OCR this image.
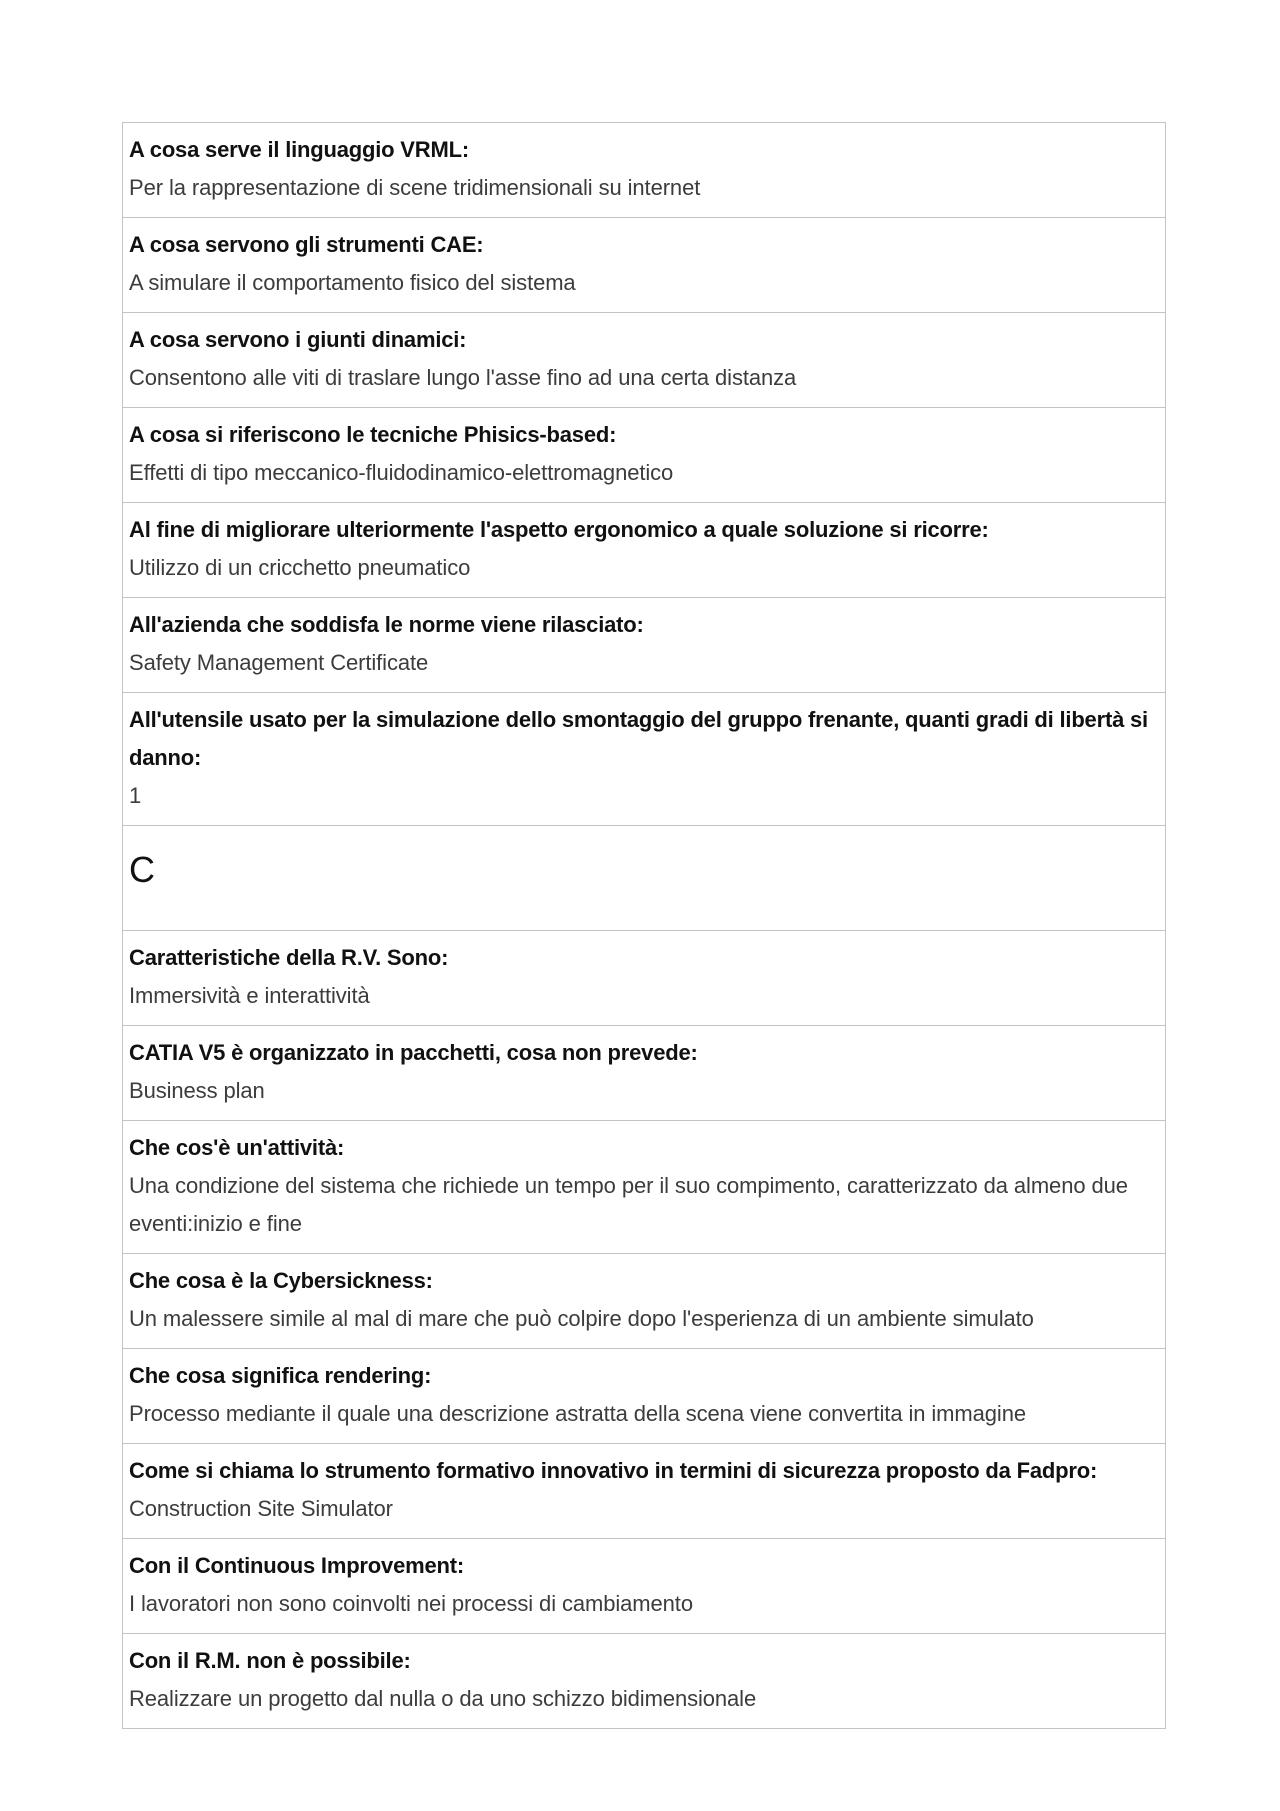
A cosa serve il linguaggio VRML:
Per la rappresentazione di scene tridimensionali su internet

A cosa servono gli strumenti CAE:
A simulare il comportamento fisico del sistema

A cosa servono i giunti dinamici:
Consentono alle viti di traslare lungo l'asse fino ad una certa distanza

A cosa si riferiscono le tecniche Phisics-based:
Effetti di tipo meccanico-fluidodinamico-elettromagnetico

Al fine di migliorare ulteriormente l'aspetto ergonomico a quale soluzione si ricorre:
Utilizzo di un cricchetto pneumatico

All'azienda che soddisfa le norme viene rilasciato:
Safety Management Certificate

All'utensile usato per la simulazione dello smontaggio del gruppo frenante, quanti gradi di libertà si danno:
1

C

Caratteristiche della R.V. Sono:
Immersività e interattività

CATIA V5 è organizzato in pacchetti, cosa non prevede:
Business plan

Che cos'è un'attività:
Una condizione del sistema che richiede un tempo per il suo compimento, caratterizzato da almeno due eventi:inizio e fine

Che cosa è la Cybersickness:
Un malessere simile al mal di mare che può colpire dopo l'esperienza di un ambiente simulato

Che cosa significa rendering:
Processo mediante il quale una descrizione astratta della scena viene convertita in immagine

Come si chiama lo strumento formativo innovativo in termini di sicurezza proposto da Fadpro:
Construction Site Simulator

Con il Continuous Improvement:
I lavoratori non sono coinvolti nei processi di cambiamento

Con il R.M. non è possibile:
Realizzare un progetto dal nulla o da uno schizzo bidimensionale
